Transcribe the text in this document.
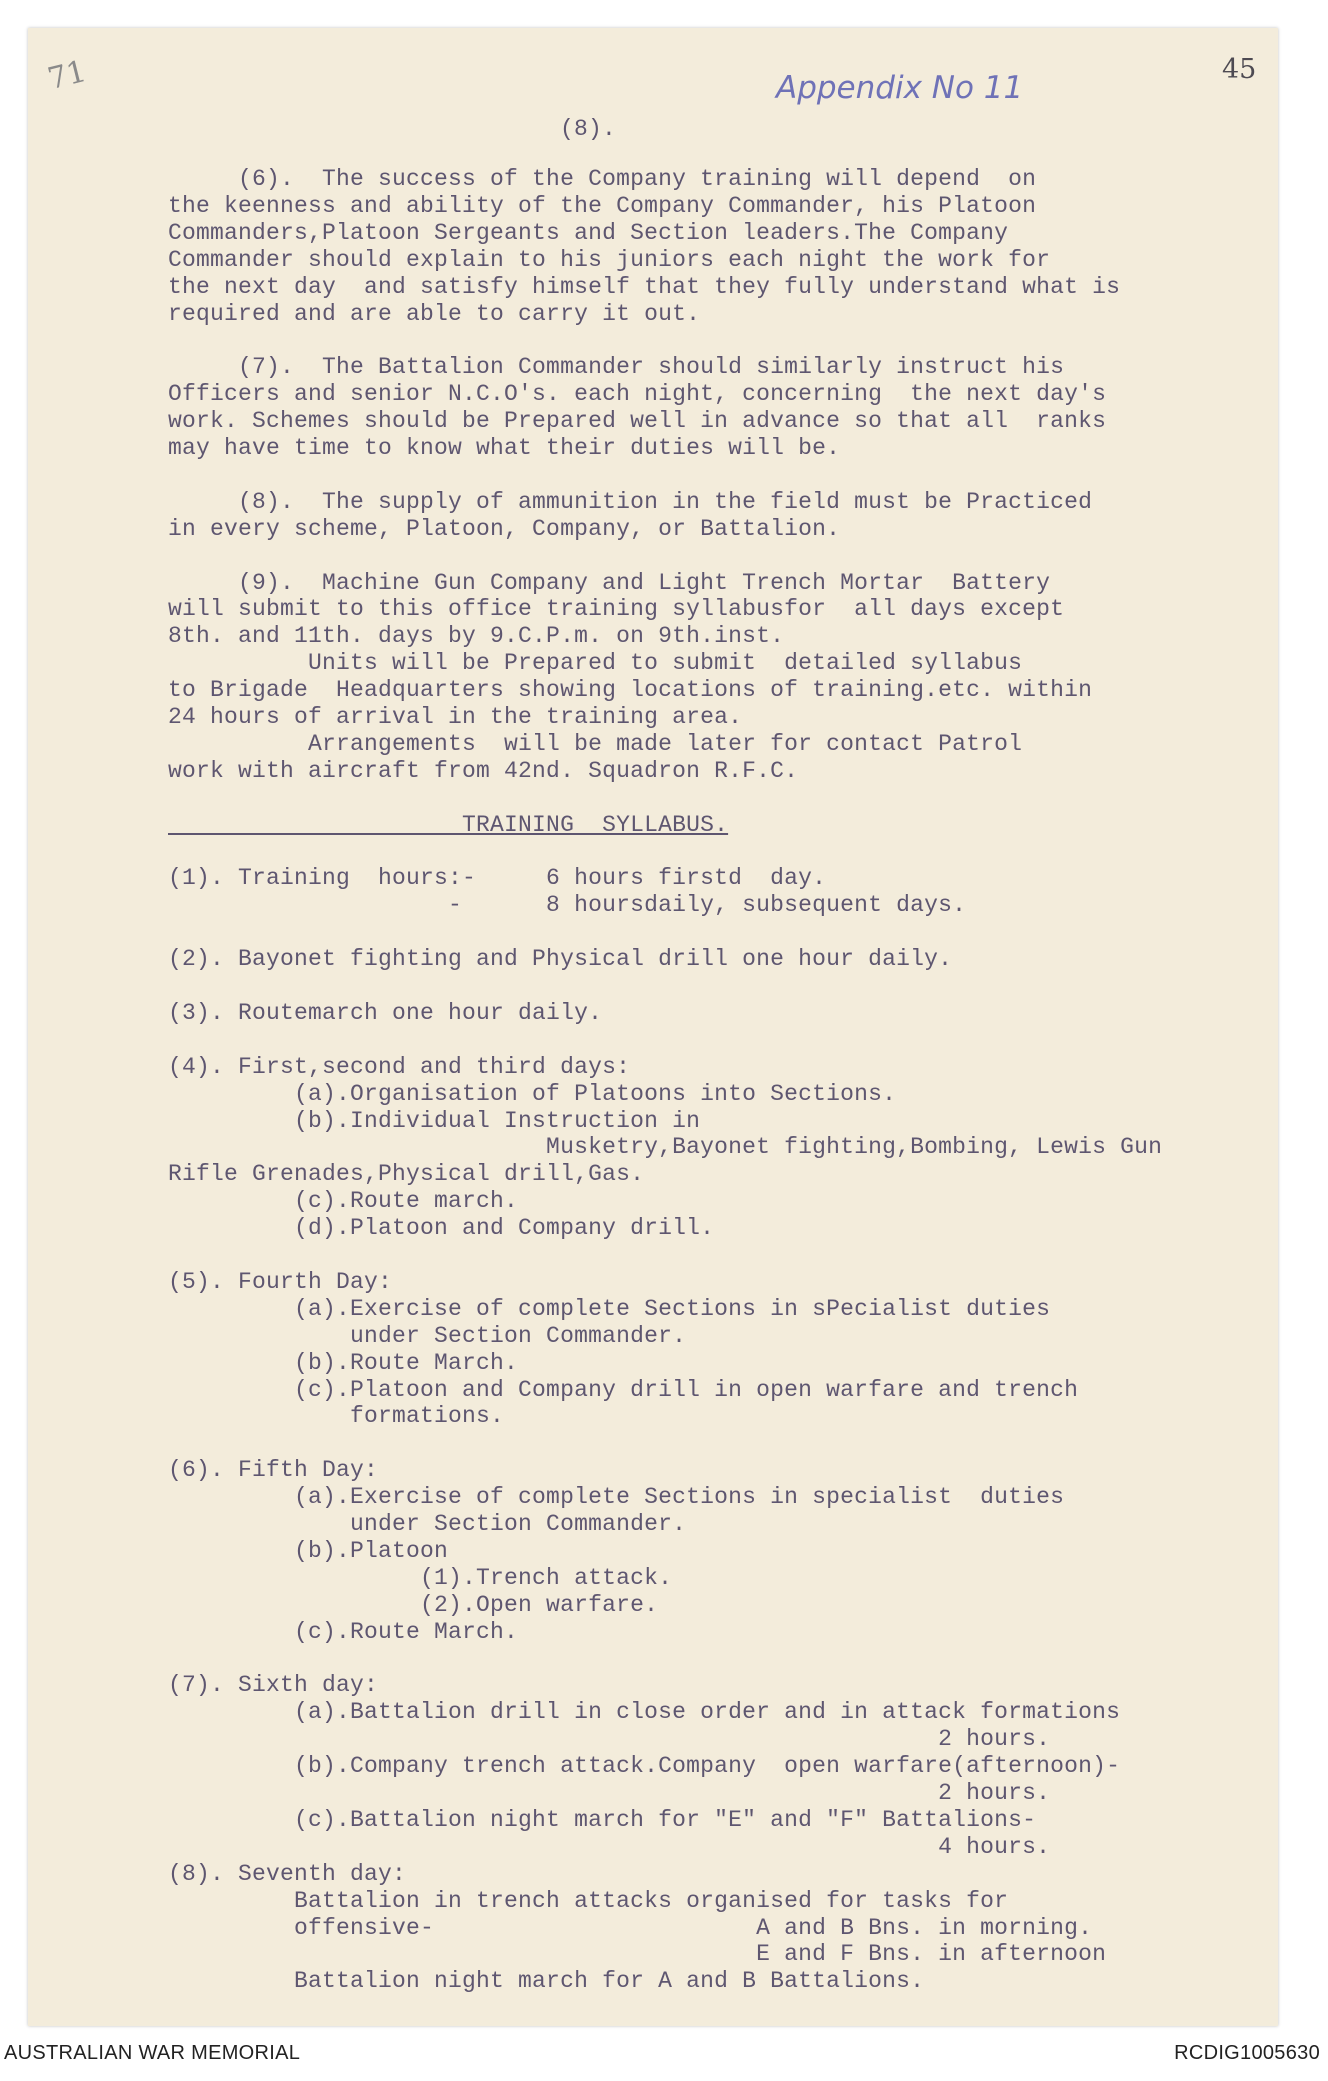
71	Appendix No 11
45
(8).
(6).  The success of the Company training will depend  on
the keenness and ability of the Company Commander, his Platoon
Commanders,Platoon Sergeants and Section leaders.The Company
Commander should explain to his juniors each night the work for
the next day  and satisfy himself that they fully understand what is
required and are able to carry it out.
(7).  The Battalion Commander should similarly instruct his
Officers and senior N.C.O's. each night, concerning  the next day's
work. Schemes should be Prepared well in advance so that all  ranks
may have time to know what their duties will be.
(8).  The supply of ammunition in the field must be Practiced
in every scheme, Platoon, Company, or Battalion.
(9).  Machine Gun Company and Light Trench Mortar  Battery
will submit to this office training syllabusfor  all days except
8th. and 11th. days by 9.C.P.m. on 9th.inst.
Units will be Prepared to submit  detailed syllabus
to Brigade  Headquarters showing locations of training.etc. within
24 hours of arrival in the training area.
Arrangements  will be made later for contact Patrol
work with aircraft from 42nd. Squadron R.F.C.
TRAINING  SYLLABUS.
(1). Training  hours:-     6 hours firstd  day.
-      8 hoursdaily, subsequent days.
(2). Bayonet fighting and Physical drill one hour daily.
(3). Routemarch one hour daily.
(4). First,second and third days:
(a).Organisation of Platoons into Sections.
(b).Individual Instruction in
Musketry,Bayonet fighting,Bombing, Lewis Gun
Rifle Grenades,Physical drill,Gas.
(c).Route march.
(d).Platoon and Company drill.
(5). Fourth Day:
(a).Exercise of complete Sections in sPecialist duties
under Section Commander.
(b).Route March.
(c).Platoon and Company drill in open warfare and trench
formations.
(6). Fifth Day:
(a).Exercise of complete Sections in specialist  duties
under Section Commander.
(b).Platoon
(1).Trench attack.
(2).Open warfare.
(c).Route March.
(7). Sixth day:
(a).Battalion drill in close order and in attack formations
2 hours.
(b).Company trench attack.Company  open warfare(afternoon)-
2 hours.
(c).Battalion night march for "E" and "F" Battalions-
4 hours.
(8). Seventh day:
Battalion in trench attacks organised for tasks for
offensive-                       A and B Bns. in morning.
E and F Bns. in afternoon
Battalion night march for A and B Battalions.
AUSTRALIAN WAR MEMORIAL	RCDIG1005630
